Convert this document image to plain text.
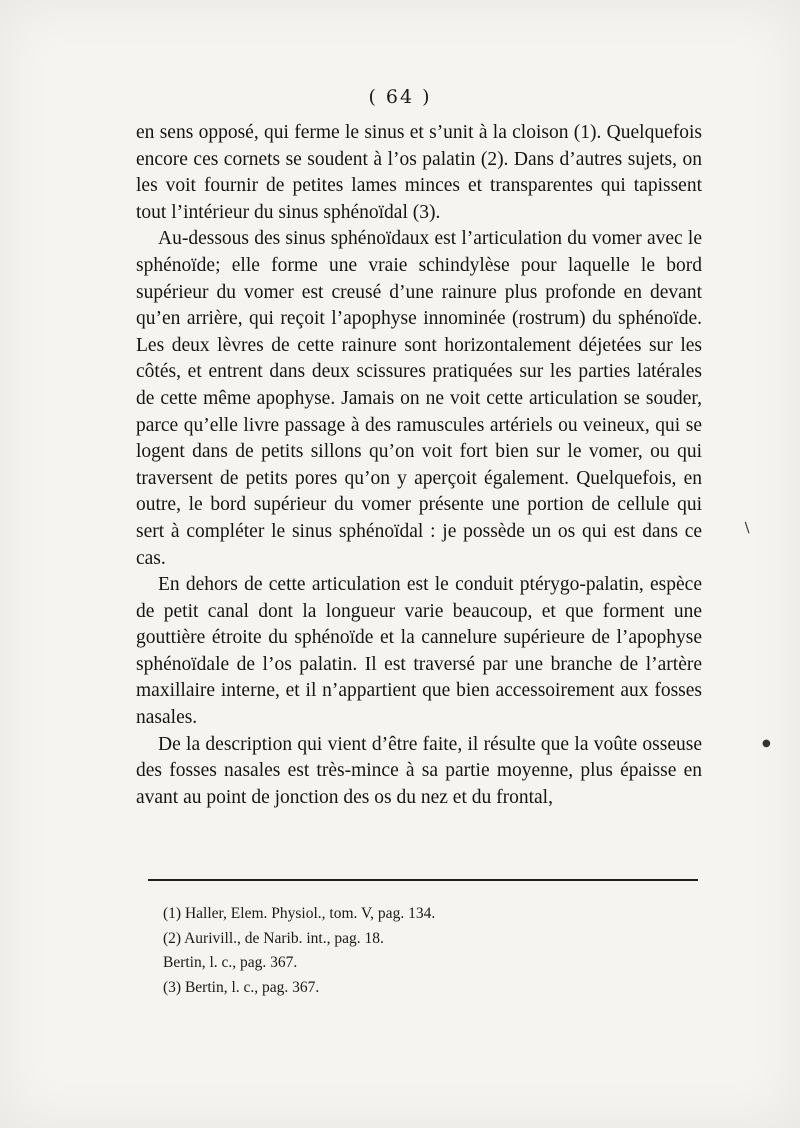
( 64 )

en sens opposé, qui ferme le sinus et s’unit à la cloison (1). Quelquefois encore ces cornets se soudent à l’os palatin (2). Dans d’autres sujets, on les voit fournir de petites lames minces et transparentes qui tapissent tout l’intérieur du sinus sphénoïdal (3).

Au-dessous des sinus sphénoïdaux est l’articulation du vomer avec le sphénoïde; elle forme une vraie schindylèse pour laquelle le bord supérieur du vomer est creusé d’une rainure plus profonde en devant qu’en arrière, qui reçoit l’apophyse innominée (rostrum) du sphénoïde. Les deux lèvres de cette rainure sont horizontalement déjetées sur les côtés, et entrent dans deux scissures pratiquées sur les parties latérales de cette même apophyse. Jamais on ne voit cette articulation se souder, parce qu’elle livre passage à des ramuscules artériels ou veineux, qui se logent dans de petits sillons qu’on voit fort bien sur le vomer, ou qui traversent de petits pores qu’on y aperçoit également. Quelquefois, en outre, le bord supérieur du vomer présente une portion de cellule qui sert à compléter le sinus sphénoïdal : je possède un os qui est dans ce cas.

En dehors de cette articulation est le conduit ptérygo-palatin, espèce de petit canal dont la longueur varie beaucoup, et que forment une gouttière étroite du sphénoïde et la cannelure supérieure de l’apophyse sphénoïdale de l’os palatin. Il est traversé par une branche de l’artère maxillaire interne, et il n’appartient que bien accessoirement aux fosses nasales.

De la description qui vient d’être faite, il résulte que la voûte osseuse des fosses nasales est très-mince à sa partie moyenne, plus épaisse en avant au point de jonction des os du nez et du frontal,

(1) Haller, Elem. Physiol., tom. V, pag. 134.
(2) Aurivill., de Narib. int., pag. 18.
Bertin, l. c., pag. 367.
(3) Bertin, l. c., pag. 367.
●
/
